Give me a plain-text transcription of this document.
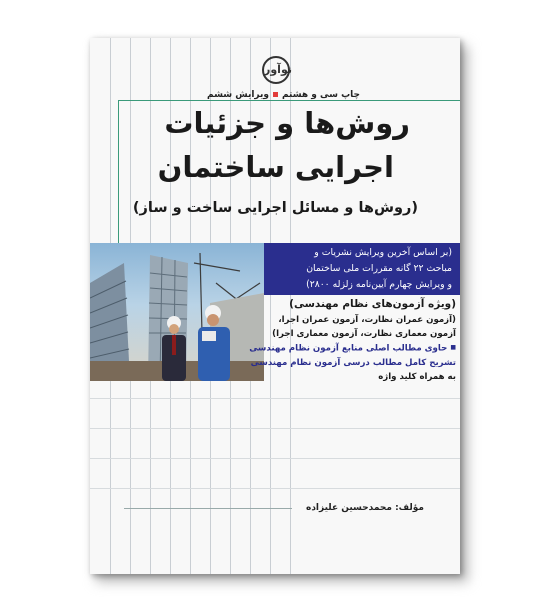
نوآور
چاپ سی و هشتمویرایش ششم
روش‌ها و جزئیات
اجرایی ساختمان
(روش‌ها و مسائل اجرایی ساخت و ساز)
(بر اساس آخرین ویرایش نشریات و
مباحث ۲۲ گانه مقررات ملی ساختمان
و ویرایش چهارم آیین‌نامه زلزله ۲۸۰۰)
(ویژه آزمون‌های نظام مهندسی)
(آزمون عمران نظارت، آزمون عمران اجرا،
آزمون معماری نظارت، آزمون معماری اجرا)
■ حاوی مطالب اصلی منابع آزمون نظام مهندسی
تشریح کامل مطالب درسی آزمون نظام مهندسی
به همراه کلید واژه
مؤلف: محمدحسین علیزاده
